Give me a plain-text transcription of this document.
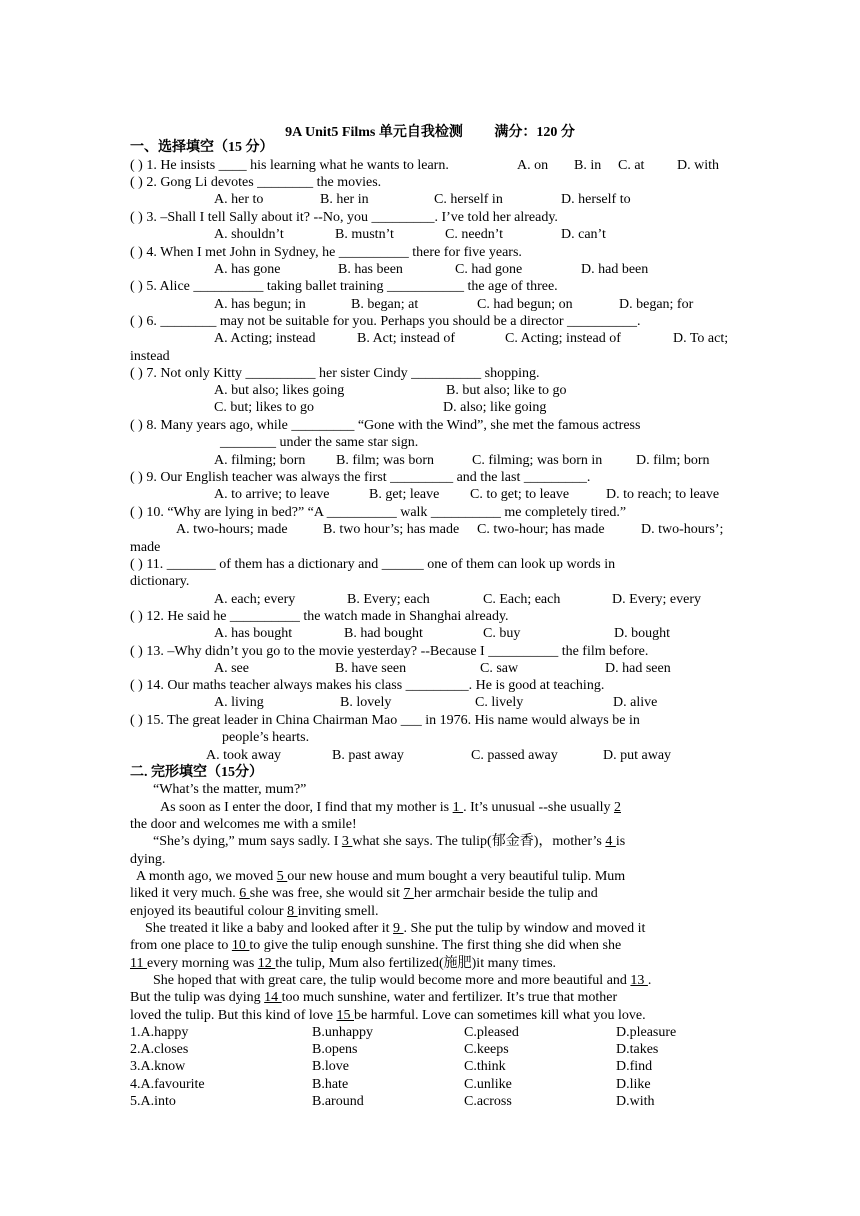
9A Unit5 Films 单元自我检测 满分：120 分
一、选择填空（15 分）
( ) 1. He insists ____ his learning what he wants to learn.	A. on B. in C. at D. with
( ) 2. Gong Li devotes ________ the movies.
A. her to	B. her in	C. herself in	D. herself to
( ) 3. –Shall I tell Sally about it? --No, you _________. I’ve told her already.
A. shouldn’t	B. mustn’t	C. needn’t	D. can’t
( ) 4. When I met John in Sydney, he __________ there for five years.
A. has gone	B. has been	C. had gone	D. had been
( ) 5. Alice __________ taking ballet training ___________ the age of three.
A. has begun; in	B. began; at	C. had begun; on	D. began; for
( ) 6. ________ may not be suitable for you. Perhaps you should be a director __________.
A. Acting; instead	B. Act; instead of	C. Acting; instead of	D. To act;
instead
( ) 7. Not only Kitty __________ her sister Cindy __________ shopping.
A. but also; likes going	B. but also; like to go
C. but; likes to go	D. also; like going
( ) 8. Many years ago, while _________ “Gone with the Wind”, she met the famous actress
________ under the same star sign.
A. filming; born B. film; was born	C. filming; was born in D. film; born
( ) 9. Our English teacher was always the first _________ and the last _________.
A. to arrive; to leave	B. get; leave C. to get; to leave	D. to reach; to leave
( ) 10. “Why are lying in bed?” “A __________ walk __________ me completely tired.”
A. two-hours; made	B. two hour’s; has made C. two-hour; has made	D. two-hours’;
made
( ) 11. _______ of them has a dictionary and ______ one of them can look up words in
dictionary.
A. each; every	B. Every; each	C. Each; each	D. Every; every
( ) 12. He said he __________ the watch made in Shanghai already.
A. has bought	B. had bought	C. buy	D. bought
( ) 13. –Why didn’t you go to the movie yesterday? --Because I __________ the film before.
A. see	B. have seen	C. saw	D. had seen
( ) 14. Our maths teacher always makes his class _________. He is good at teaching.
A. living	B. lovely	C. lively	D. alive
( ) 15. The great leader in China Chairman Mao ___ in 1976. His name would always be in
people’s hearts.
A. took away	B. past away	C. passed away	D. put away
二. 完形填空（15分）
“What’s the matter, mum?”
As soon as I enter the door, I find that my mother is 1 . It’s unusual --she usually 2
the door and welcomes me with a smile!
“She’s dying,” mum says sadly. I 3 what she says. The tulip(郁金香)，mother’s 4 is
dying.
A month ago, we moved 5 our new house and mum bought a very beautiful tulip. Mum
liked it very much. 6 she was free, she would sit 7 her armchair beside the tulip and
enjoyed its beautiful colour 8 inviting smell.
She treated it like a baby and looked after it 9 . She put the tulip by window and moved it
from one place to 10 to give the tulip enough sunshine. The first thing she did when she
11 every morning was 12 the tulip, Mum also fertilized(施肥)it many times.
She hoped that with great care, the tulip would become more and more beautiful and 13 .
But the tulip was dying 14 too much sunshine, water and fertilizer. It’s true that mother
loved the tulip. But this kind of love 15 be harmful. Love can sometimes kill what you love.
1.A.happy	B.unhappy	C.pleased	D.pleasure
2.A.closes	B.opens	C.keeps	D.takes
3.A.know	B.love	C.think	D.find
4.A.favourite	B.hate	C.unlike	D.like
5.A.into	B.around	C.across	D.with
